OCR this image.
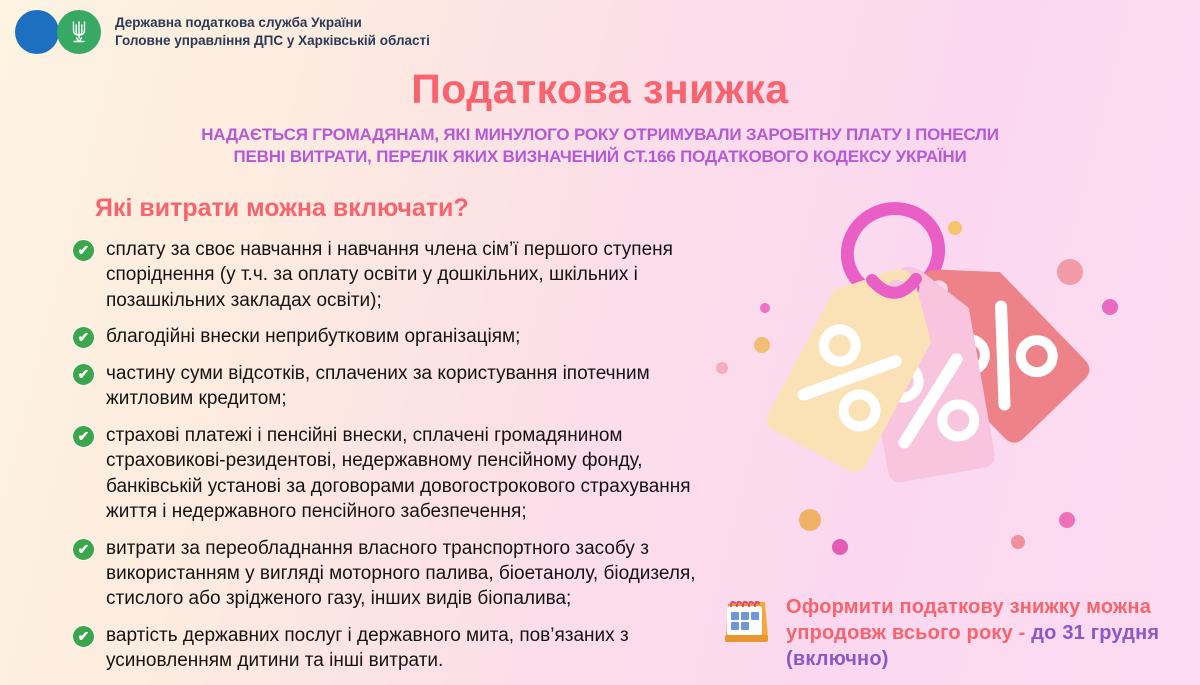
Державна податкова служба України
Головне управління ДПС у Харківській області
Податкова знижка
НАДАЄТЬСЯ ГРОМАДЯНАМ, ЯКІ МИНУЛОГО РОКУ ОТРИМУВАЛИ ЗАРОБІТНУ ПЛАТУ І ПОНЕСЛИ
ПЕВНІ ВИТРАТИ, ПЕРЕЛІК ЯКИХ ВИЗНАЧЕНИЙ СТ.166 ПОДАТКОВОГО КОДЕКСУ УКРАЇНИ
Які витрати можна включати?
✔ сплату за своє навчання і навчання члена сім’ї першого ступеня споріднення (у т.ч. за оплату освіти у дошкільних, шкільних і позашкільних закладах освіти);
✔ благодійні внески неприбутковим організаціям;
✔ частину суми відсотків, сплачених за користування іпотечним житловим кредитом;
✔ страхові платежі і пенсійні внески, сплачені громадянином страховикові-резидентові, недержавному пенсійному фонду, банківській установі за договорами довогострокового страхування життя і недержавного пенсійного забезпечення;
✔ витрати за переобладнання власного транспортного засобу з використанням у вигляді моторного палива, біоетанолу, біодизеля, стислого або зрідженого газу, інших видів біопалива;
✔ вартість державних послуг і державного мита, пов’язаних з усиновленням дитини та інші витрати.

Оформити податкову знижку можна упродовж всього року - до 31 грудня (включно)
